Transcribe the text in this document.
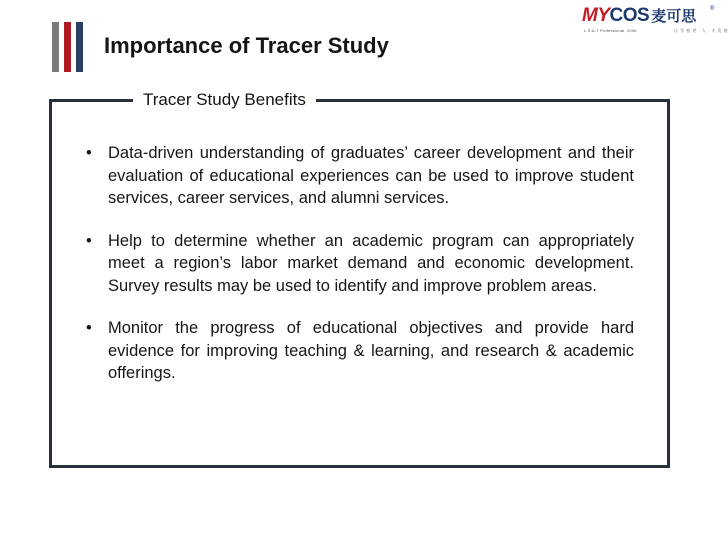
Importance of Tracer Study
MYCOS 麦可思 ®
L.S.A.T Professional, 2006	让 学 校 更 · 人 · 才 发 展
Tracer Study Benefits
• Data-driven understanding of graduates’ career development and their evaluation of educational experiences can be used to improve student services, career services, and alumni services.
• Help to determine whether an academic program can appropriately meet a region’s labor market demand and economic development. Survey results may be used to identify and improve problem areas.
• Monitor the progress of educational objectives and provide hard evidence for improving teaching & learning, and research & academic offerings.
